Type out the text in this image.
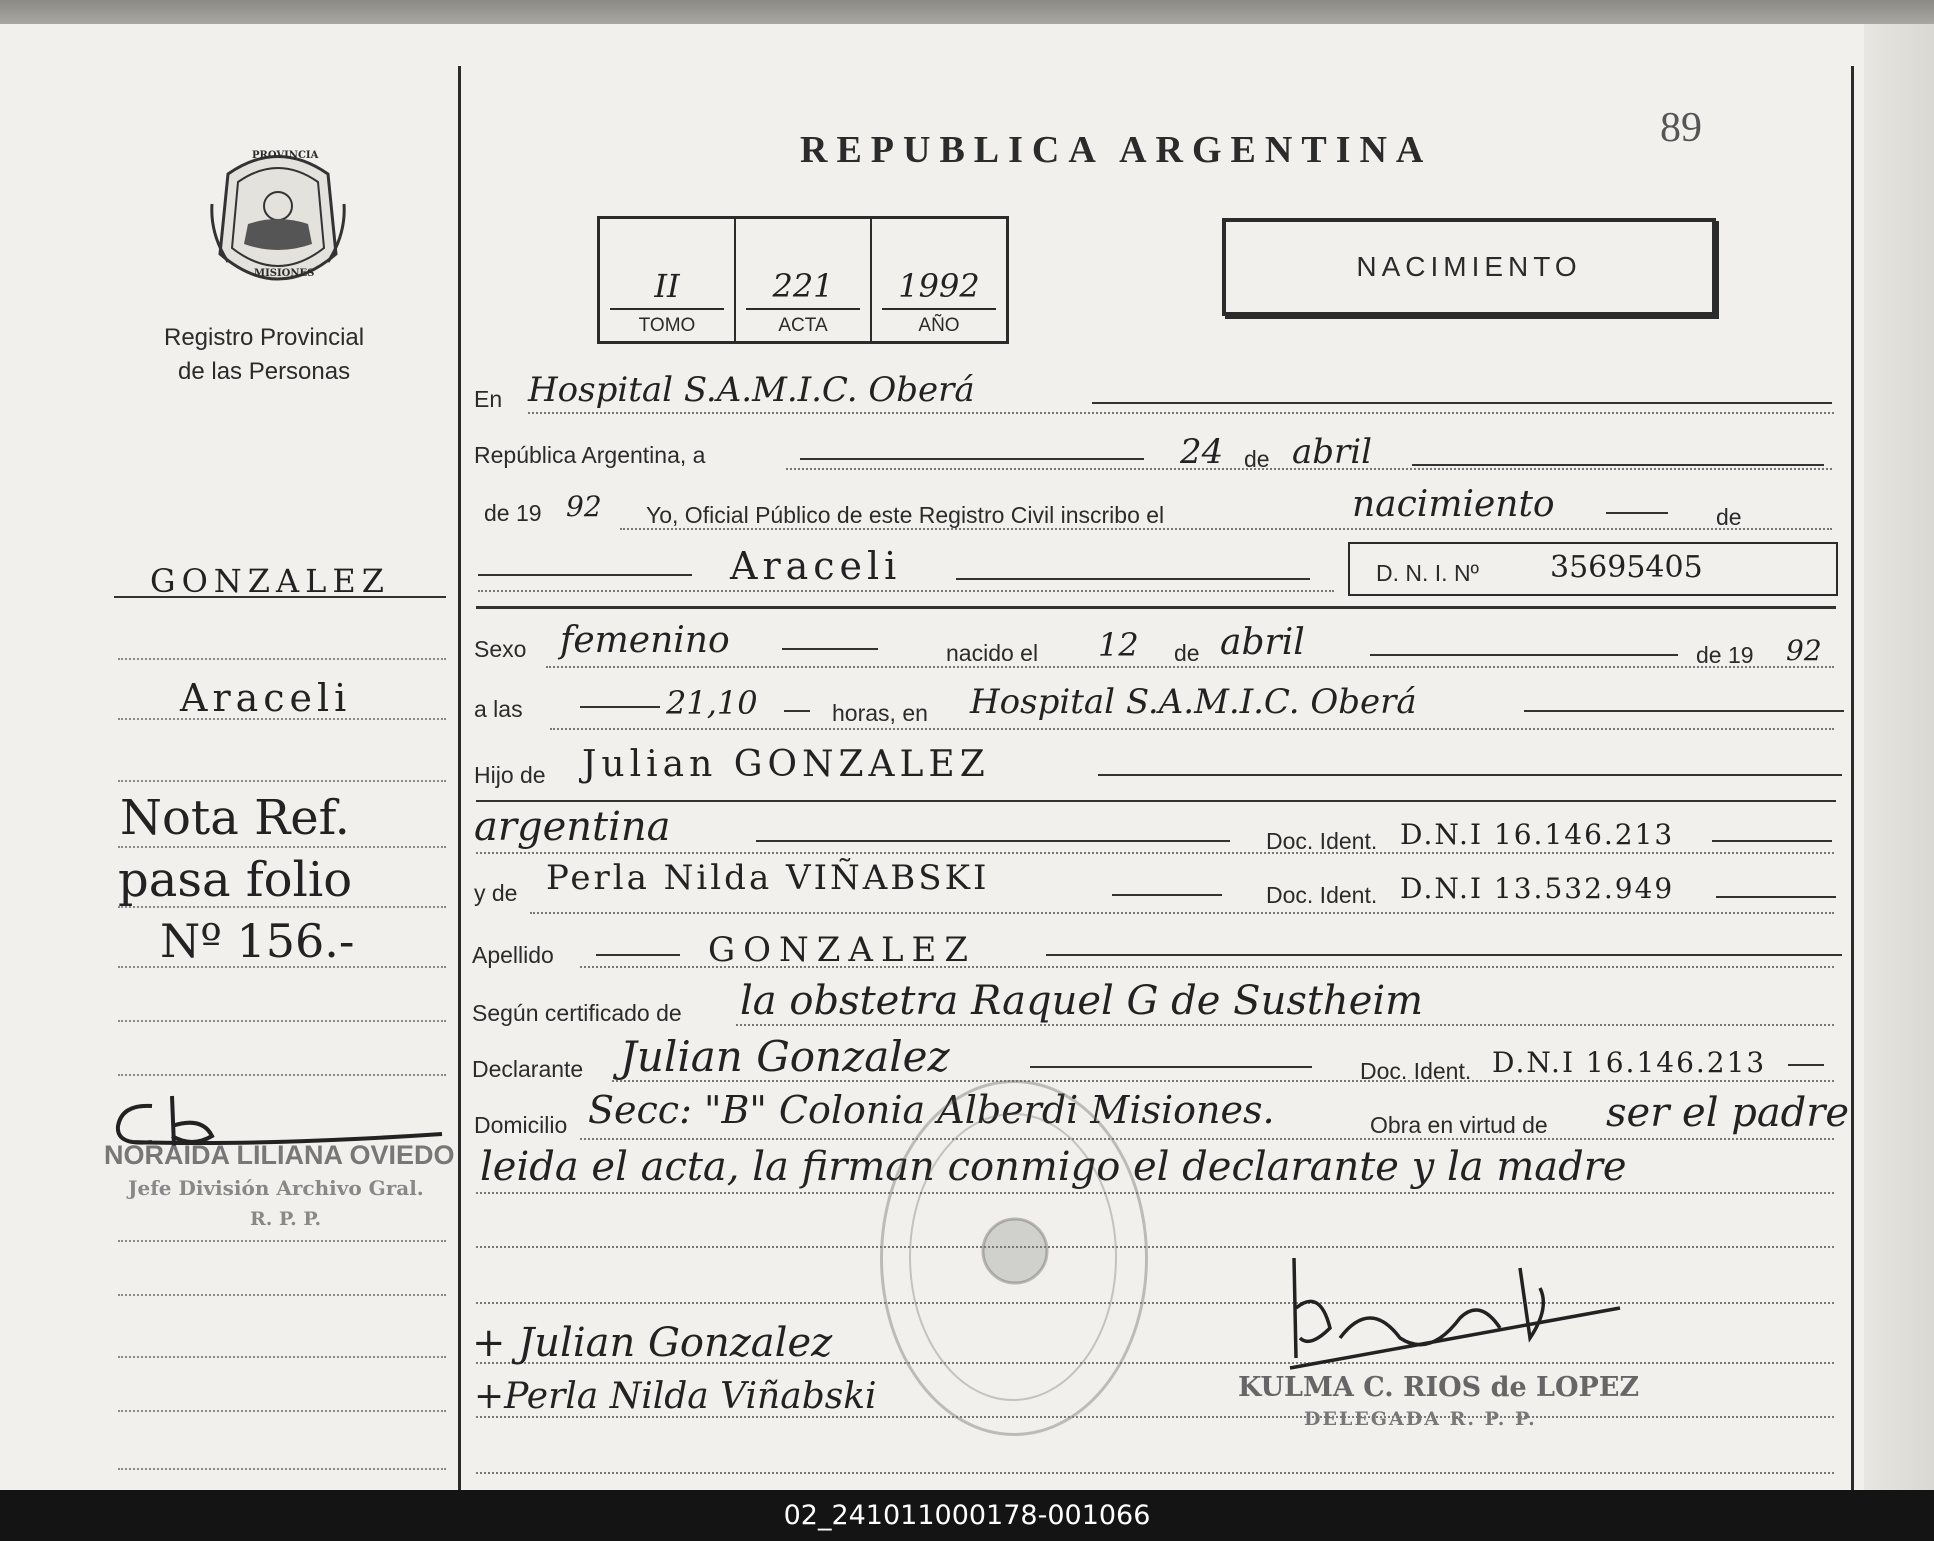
PROVINCIA
MISIONES
Registro Provincial
de las Personas
GONZALEZ
Araceli
Nota Ref.
pasa folio
Nº 156.-
NORAIDA LILIANA OVIEDO
Jefe División Archivo Gral.
R. P. P.
REPUBLICA ARGENTINA	89
II
TOMO
221
ACTA
1992
AÑO
NACIMIENTO
En Hospital S.A.M.I.C. Oberá
República Argentina, a	24 de abril
de 19 92 Yo, Oficial Público de este Registro Civil inscribo el	nacimiento	de
Araceli	D. N. I. Nº 35695405
Sexo femenino	nacido el 12 de abril	de 19 92
a las	21,10	horas, en Hospital S.A.M.I.C. Oberá
Hijo de Julian GONZALEZ
argentina	Doc. Ident. D.N.I 16.146.213
y de Perla Nilda VIÑABSKI	Doc. Ident. D.N.I 13.532.949
Apellido	GONZALEZ
Según certificado de la obstetra Raquel G de Sustheim
Declarante Julian Gonzalez	Doc. Ident. D.N.I 16.146.213
Domicilio Secc: "B" Colonia Alberdi Misiones.	Obra en virtud de ser el padre
leida el acta, la firman conmigo el declarante y la madre
+ Julian Gonzalez
+Perla Nilda Viñabski	KULMA C. RIOS de LOPEZ
DELEGADA R. P. P.
02_241011000178-001066
